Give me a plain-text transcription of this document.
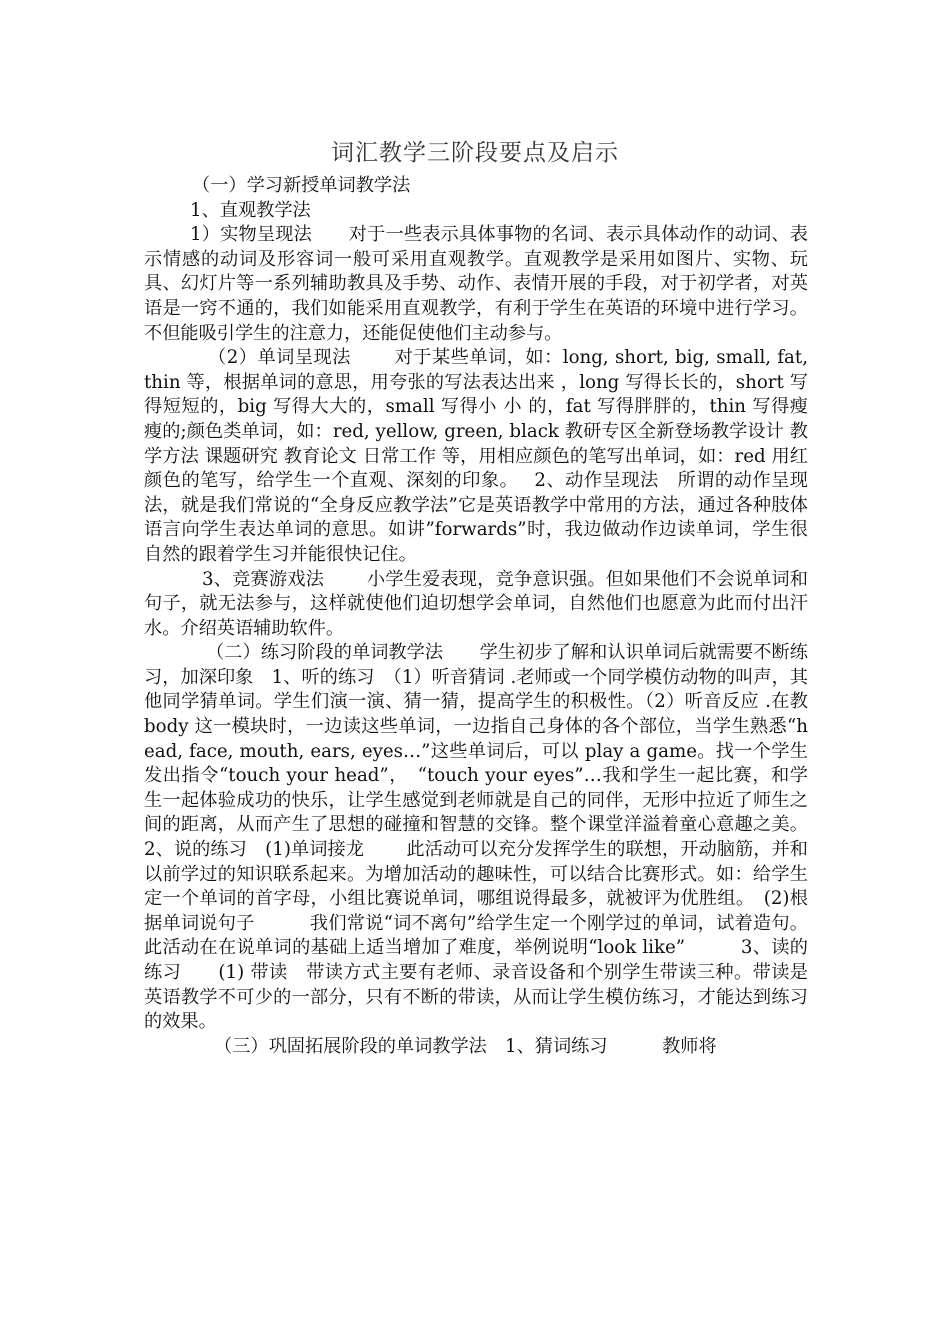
词汇教学三阶段要点及启示

（一）学习新授单词教学法

1、直观教学法

1）实物呈现法　　对于一些表示具体事物的名词、表示具体动作的动词、表示情感的动词及形容词一般可采用直观教学。直观教学是采用如图片、实物、玩 具、幻灯片等一系列辅助教具及手势、动作、表情开展的手段，对于初学者，对英语是一窍不通的，我们如能采用直观教学，有利于学生在英语的环境中进行学习。不但能吸引学生的注意力，还能促使他们主动参与。

（2）单词呈现法　　 对于某些单词，如：long, short, big, small, fat, thin 等，根据单词的意思，用夸张的写法表达出来 ，long 写得长长的，short 写得短短的，big 写得大大的，small 写得小 小 的，fat 写得胖胖的，thin 写得瘦瘦的;颜色类单词，如：red, yellow, green, black 教研专区全新登场教学设计 教学方法 课题研究 教育论文 日常工作 等，用相应颜色的笔写出单词，如：red 用红颜色的笔写，给学生一个直观、深刻的印象。　 2、动作呈现法　所谓的动作呈现法，就是我们常说的“全身反应教学法”它是英语教学中常用的方法，通过各种肢体语言向学生表达单词的意思。如讲”forwards”时，我边做动作边读单词，学生很自然的跟着学生习并能很快记住。

3、竞赛游戏法　　 小学生爱表现，竞争意识强。但如果他们不会说单词和句子，就无法参与，这样就使他们迫切想学会单词，自然他们也愿意为此而付出汗水。介绍英语辅助软件。

（二）练习阶段的单词教学法　　学生初步了解和认识单词后就需要不断练习，加深印象　1、听的练习　（1）听音猜词 .老师或一个同学模仿动物的叫声，其他同学猜单词。学生们演一演、猜一猜，提高学生的积极性。（2）听音反应 .在教 body 这一模块时，一边读这些单词，一边指自己身体的各个部位，当学生熟悉“head, face, mouth, ears, eyes…”这些单词后，可以 play a game。找一个学生发出指令“touch your head”，　“touch your eyes”…我和学生一起比赛，和学生一起体验成功的快乐，让学生感觉到老师就是自己的同伴，无形中拉近了师生之间的距离，从而产生了思想的碰撞和智慧的交锋。整个课堂洋溢着童心意趣之美。 2、说的练习　(1)单词接龙　　 此活动可以充分发挥学生的联想，开动脑筋，并和以前学过的知识联系起来。为增加活动的趣味性，可以结合比赛形式。如：给学生定一个单词的首字母，小组比赛说单词，哪组说得最多，就被评为优胜组。　(2)根据单词说句子　　　我们常说“词不离句”给学生定一个刚学过的单词，试着造句。此活动在在说单词的基础上适当增加了难度，举例说明“look like”　　　3、读的练习　　(1) 带读　带读方式主要有老师、录音设备和个别学生带读三种。带读是英语教学不可少的一部分，只有不断的带读，从而让学生模仿练习，才能达到练习的效果。

（三）巩固拓展阶段的单词教学法　1、猜词练习　　　教师将
